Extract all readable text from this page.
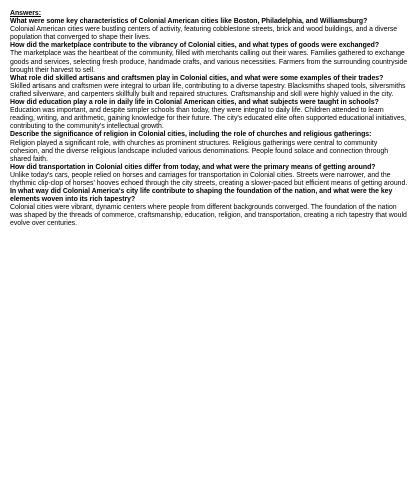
Answers:

What were some key characteristics of Colonial American cities like Boston, Philadelphia, and Williamsburg?

Colonial American cities were bustling centers of activity, featuring cobblestone streets, brick and wood buildings, and a diverse population that converged to shape their lives.

How did the marketplace contribute to the vibrancy of Colonial cities, and what types of goods were exchanged?

The marketplace was the heartbeat of the community, filled with merchants calling out their wares. Families gathered to exchange goods and services, selecting fresh produce, handmade crafts, and various necessities. Farmers from the surrounding countryside brought their harvest to sell.

What role did skilled artisans and craftsmen play in Colonial cities, and what were some examples of their trades?

Skilled artisans and craftsmen were integral to urban life, contributing to a diverse tapestry. Blacksmiths shaped tools, silversmiths crafted silverware, and carpenters skillfully built and repaired structures. Craftsmanship and skill were highly valued in the city.

How did education play a role in daily life in Colonial American cities, and what subjects were taught in schools?

Education was important, and despite simpler schools than today, they were integral to daily life. Children attended to learn reading, writing, and arithmetic, gaining knowledge for their future. The city's educated elite often supported educational initiatives, contributing to the community's intellectual growth.

Describe the significance of religion in Colonial cities, including the role of churches and religious gatherings:

Religion played a significant role, with churches as prominent structures. Religious gatherings were central to community cohesion, and the diverse religious landscape included various denominations. People found solace and connection through shared faith.

How did transportation in Colonial cities differ from today, and what were the primary means of getting around?

Unlike today's cars, people relied on horses and carriages for transportation in Colonial cities. Streets were narrower, and the rhythmic clip-clop of horses' hooves echoed through the city streets, creating a slower-paced but efficient means of getting around.

In what way did Colonial America's city life contribute to shaping the foundation of the nation, and what were the key elements woven into its rich tapestry?

Colonial cities were vibrant, dynamic centers where people from different backgrounds converged. The foundation of the nation was shaped by the threads of commerce, craftsmanship, education, religion, and transportation, creating a rich tapestry that would evolve over centuries.
